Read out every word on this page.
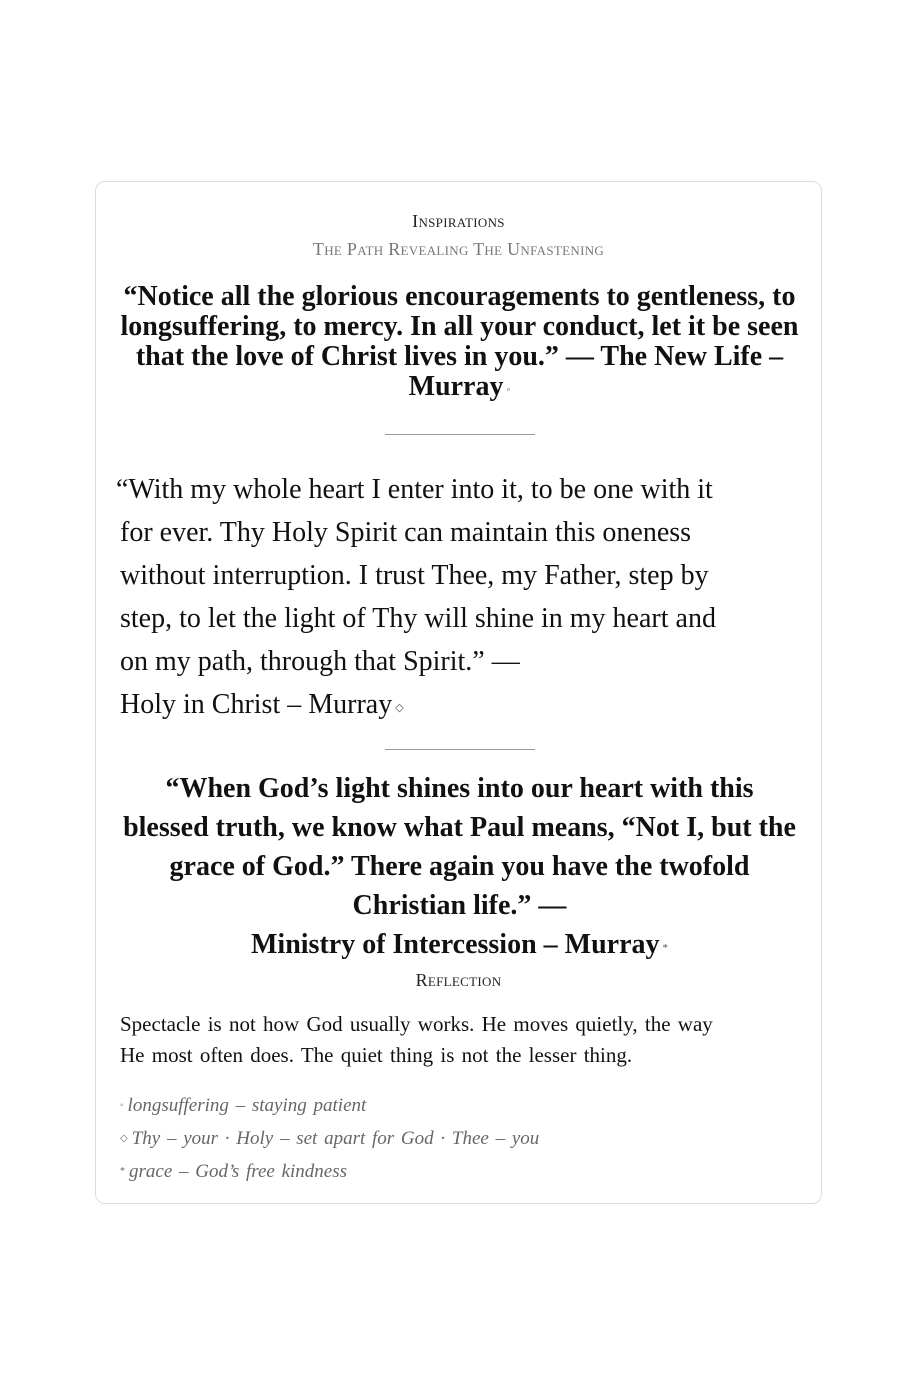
Inspirations
The Path Revealing The Unfastening
“Notice all the glorious encouragements to gentleness, to longsuffering, to mercy. In all your conduct, let it be seen that the love of Christ lives in you.” — The New Life – Murray ◦
“With my whole heart I enter into it, to be one with it
for ever. Thy Holy Spirit can maintain this oneness
without interruption. I trust Thee, my Father, step by
step, to let the light of Thy will shine in my heart and
on my path, through that Spirit.” —
Holy in Christ – Murray ◇
“When God’s light shines into our heart with this blessed truth, we know what Paul means, “Not I, but the grace of God.” There again you have the twofold Christian life.” —
Ministry of Intercession – Murray *
Reflection
Spectacle is not how God usually works. He moves quietly, the way
He most often does. The quiet thing is not the lesser thing.
◦ longsuffering – staying patient
◇ Thy – your · Holy – set apart for God · Thee – you
* grace – God’s free kindness
